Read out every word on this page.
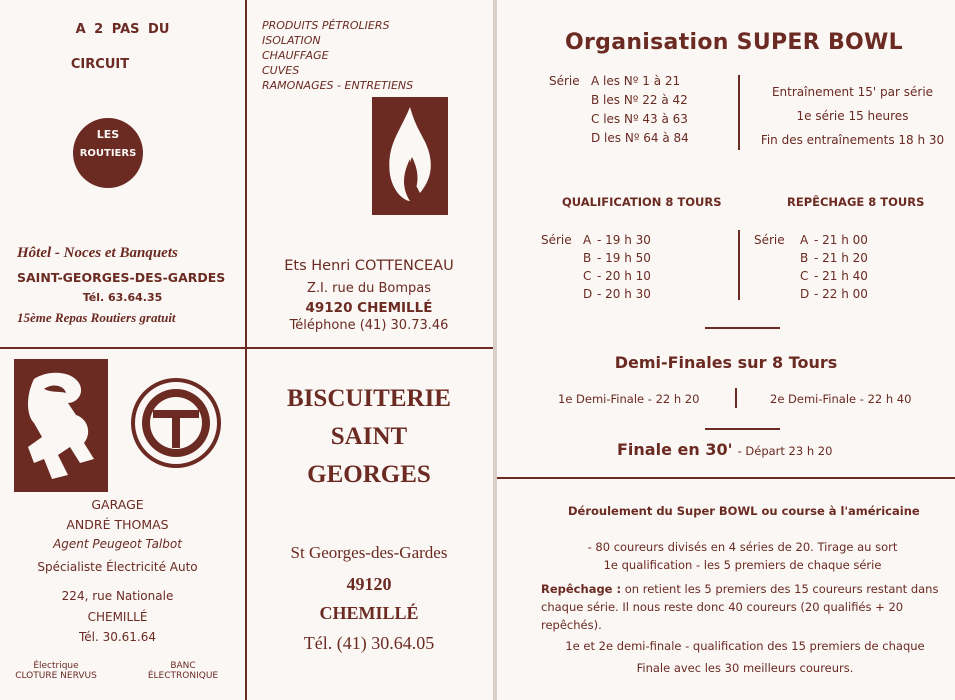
A 2 PAS DU
CIRCUIT
LES
ROUTIERS
Hôtel - Noces et Banquets
SAINT-GEORGES-DES-GARDES
Tél. 63.64.35
15ème Repas Routiers gratuit
PRODUITS PÉTROLIERS
ISOLATION
CHAUFFAGE
CUVES
RAMONAGES - ENTRETIENS
Ets Henri COTTENCEAU
Z.I. rue du Bompas
49120 CHEMILLÉ
Téléphone (41) 30.73.46
GARAGE
ANDRÉ THOMAS
Agent Peugeot Talbot
Spécialiste Électricité Auto
224, rue Nationale
CHEMILLÉ
Tél. 30.61.64
Électrique
CLOTURE NERVUS
BANC
ÉLECTRONIQUE
BISCUITERIE
SAINT
GEORGES
St Georges-des-Gardes
49120
CHEMILLÉ
Tél. (41) 30.64.05
Organisation SUPER BOWL
Série A les Nº 1 à 21
B les Nº 22 à 42
C les Nº 43 à 63
D les Nº 64 à 84
Entraînement 15' par série
1e série 15 heures
Fin des entraînements 18 h 30
QUALIFICATION 8 TOURS	REPÊCHAGE 8 TOURS
Série A - 19 h 30
B - 19 h 50
C - 20 h 10
D - 20 h 30
Série A - 21 h 00
B - 21 h 20
C - 21 h 40
D - 22 h 00
Demi-Finales sur 8 Tours
1e Demi-Finale - 22 h 20	2e Demi-Finale - 22 h 40
Finale en 30' - Départ 23 h 20
Déroulement du Super BOWL ou course à l'américaine
- 80 coureurs divisés en 4 séries de 20. Tirage au sort
1e qualification - les 5 premiers de chaque série
Repêchage : on retient les 5 premiers des 15 coureurs restant dans
chaque série. Il nous reste donc 40 coureurs (20 qualifiés + 20
repêchés).
1e et 2e demi-finale - qualification des 15 premiers de chaque
Finale avec les 30 meilleurs coureurs.
